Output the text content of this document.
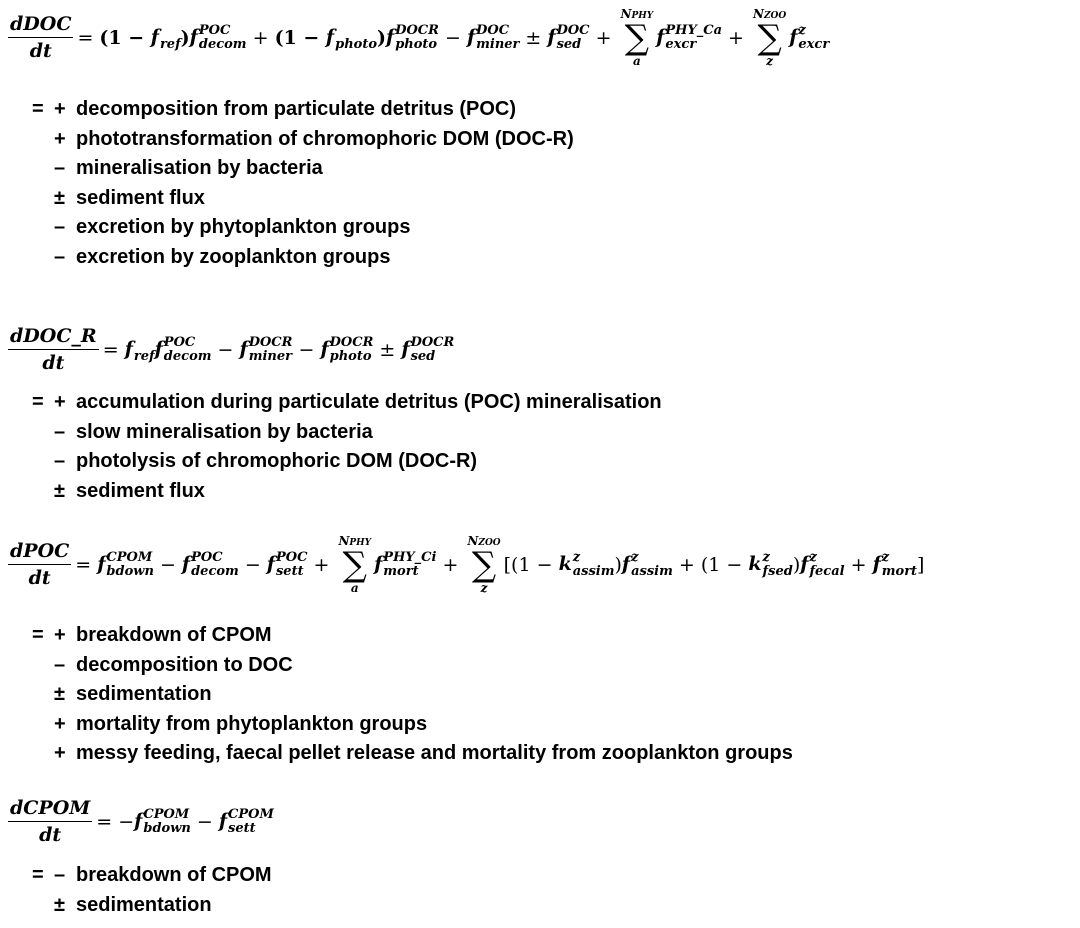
$\frac{\text{dDOC}}{dt} = (1 - f$
ref )f POC
decom + (1 − f
photo )f DOCR
photo − f DOC
miner ± f DOC
sed +
NPHY
∑
a
f PHY_Ca
excr	+
NZOO
∑
z
f z
excr
= + decomposition from particulate detritus (POC)
+ phototransformation of chromophoric DOM (DOC-R)
– mineralisation by bacteria
± sediment flux
– excretion by phytoplankton groups
– excretion by zooplankton groups
$\frac{\text{dDOC\_R}}{dt} = f$
ref f POC
decom − f DOCR
miner − f DOCR
photo ± f DOCR
sed
= + accumulation during particulate detritus (POC) mineralisation
– slow mineralisation by bacteria
– photolysis of chromophoric DOM (DOC-R)
± sediment flux
$\frac{\text{dPOC}}{dt} = f$ CPOM
bdown − f POC
decom − f POC
sett +
NPHY
∑
a
f PHY_Ci
mort +
NZOO
∑
z
[(1 − k z
assim )f z
assim + (1 − k z
fsed )f z
fecal + f z
mort ]
= + breakdown of CPOM
– decomposition to DOC
± sedimentation
+ mortality from phytoplankton groups
+ messy feeding, faecal pellet release and mortality from zooplankton groups
$\frac{\text{dCPOM}}{dt} = -f$ CPOM
bdown − f CPOM
sett
= – breakdown of CPOM
± sedimentation
